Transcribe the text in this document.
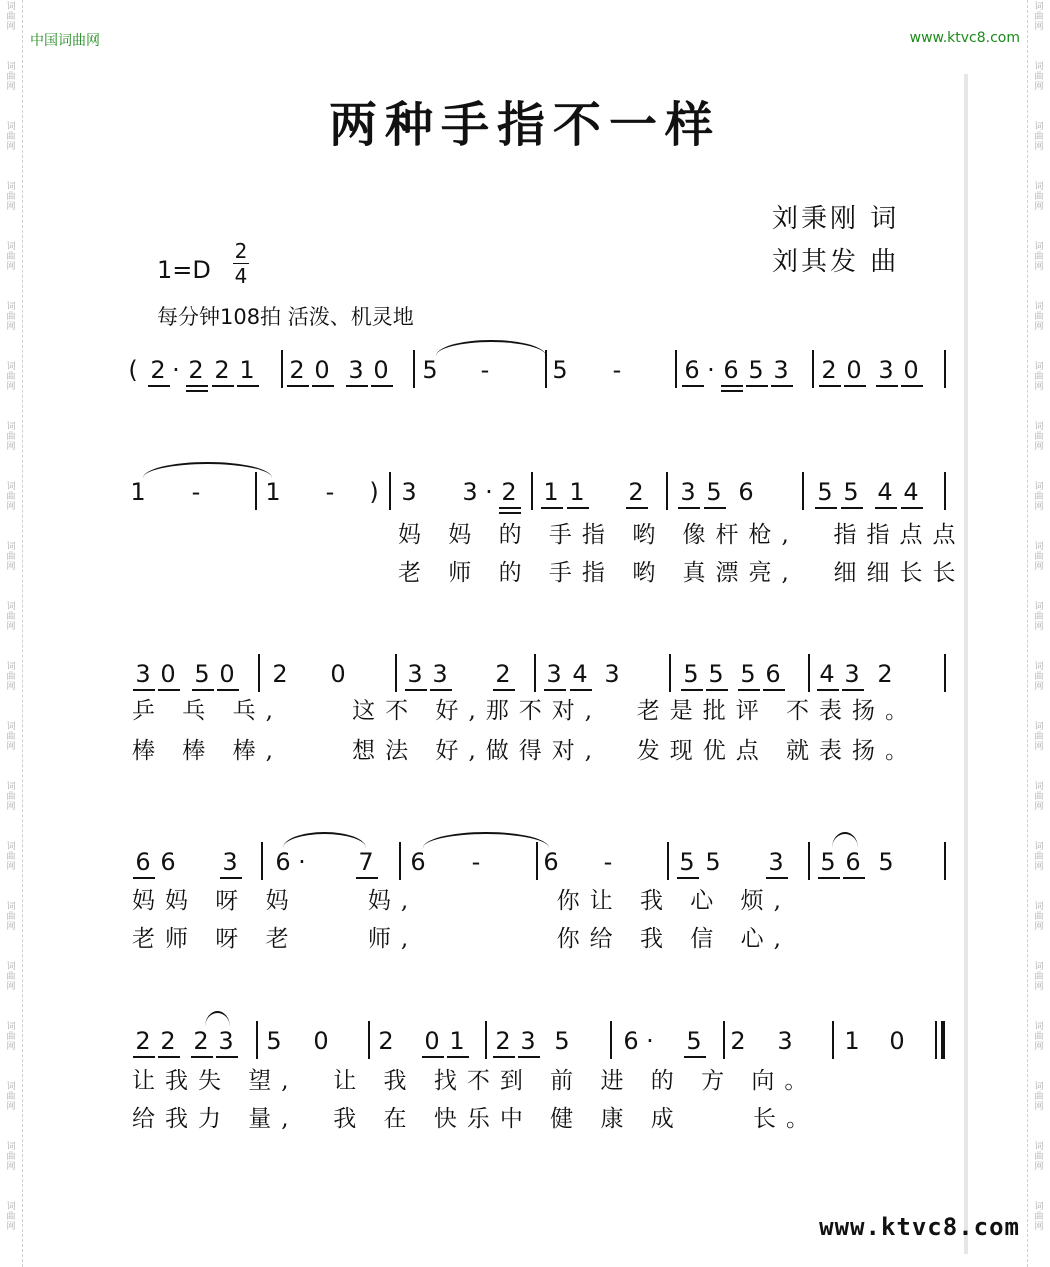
词
曲
网
词
曲
网
词
曲
网
词
曲
网
词
曲
网
词
曲
网
词
曲
网
词
曲
网
词
曲
网
词
曲
网
词
曲
网
词
曲
网
词
曲
网
词
曲
网
词
曲
网
词
曲
网
词
曲
网
词
曲
网
词
曲
网
词
曲
网
词
曲
网
词
曲
网
词
曲
网
词
曲
网
词
曲
网
词
曲
网
词
曲
网
词
曲
网
词
曲
网
词
曲
网
词
曲
网
词
曲
网
词
曲
网
词
曲
网
词
曲
网
词
曲
网
词
曲
网
词
曲
网
词
曲
网
词
曲
网
词
曲
网
词
曲
网
中国词曲网	www.ktvc8.com
两种手指不一样
刘秉刚 词
刘其发 曲
1=D
2
4
每分钟108拍 活泼、机灵地
( 2 · 2 2 1 2 0 3 0 5 -	5 -	6 · 6 5 3 2 0 3 0
1 -	1 - ) 3 3 · 2 1 1 2 3 5 6	5 5 4 4
妈 妈 的 手指 哟 像杆枪,  指指点点
老 师 的 手指 哟 真漂亮,  细细长长
3 0 5 0 2 0	3 3 2 3 4 3	5 5 5 6 4 3 2
乒 乓 乓,    这不 好,那不对,  老是批评 不表扬。
棒 棒 棒,    想法 好,做得对,  发现优点 就表扬。
6 6 3 6 · 7 6 -	6 -	5 5 3 5 6 5
妈妈 呀 妈    妈,        你让 我 心 烦,
老师 呀 老    师,        你给 我 信 心,
2 2 2 3 5 0 2 0 1 2 3 5 6 · 5 2 3 1 0
让我失 望,  让 我 找不到 前 进 的 方 向。
给我力 量,  我 在 快乐中 健 康 成    长。
www.ktvc8.com
